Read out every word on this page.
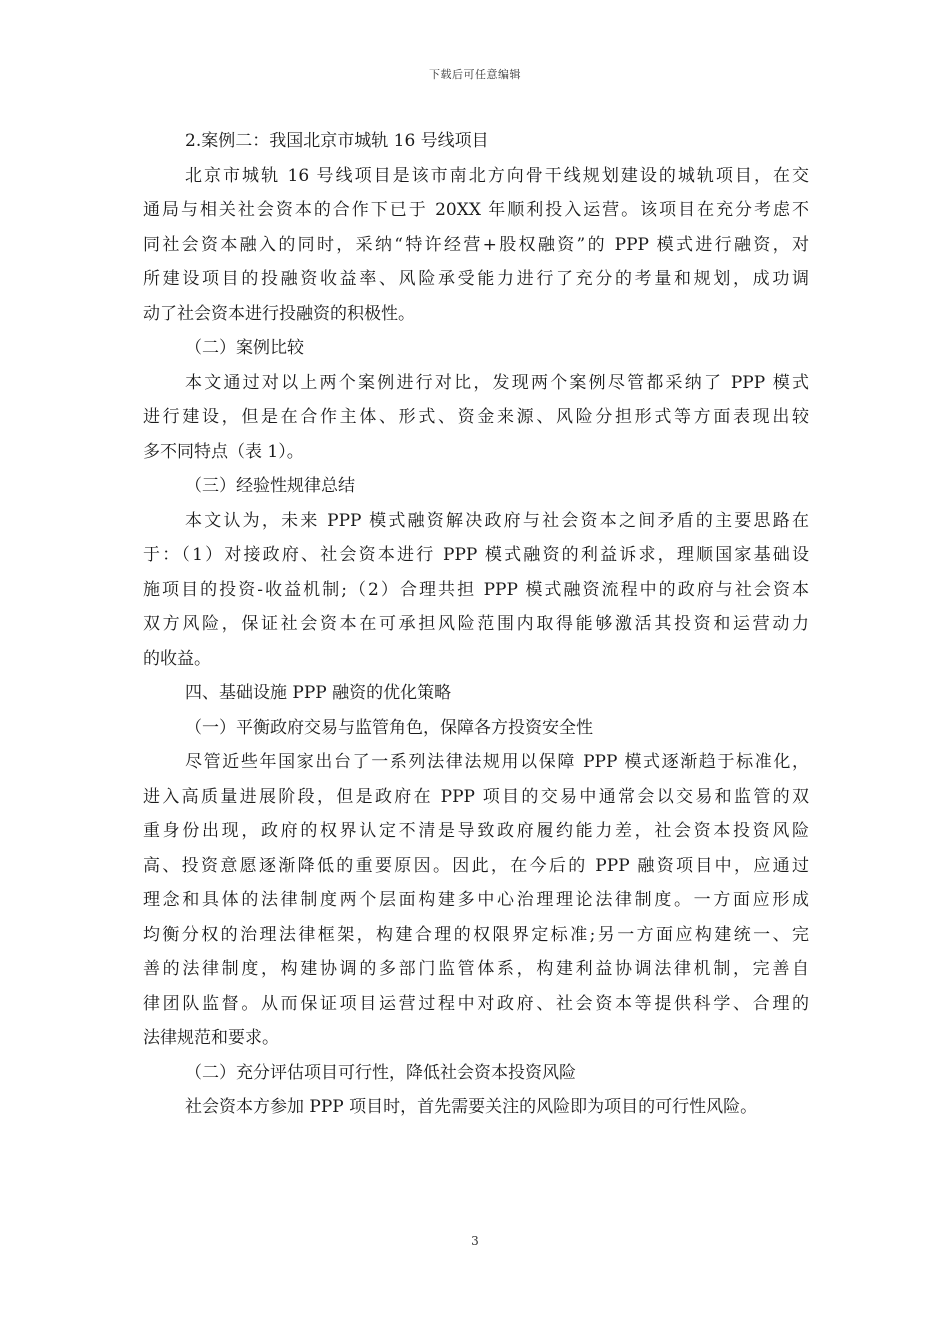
下载后可任意编辑
2.案例二：我国北京市城轨 16 号线项目
北京市城轨 16 号线项目是该市南北方向骨干线规划建设的城轨项目，在交
通局与相关社会资本的合作下已于 20XX 年顺利投入运营。该项目在充分考虑不
同社会资本融入的同时，采纳“特许经营+股权融资”的 PPP 模式进行融资，对
所建设项目的投融资收益率、风险承受能力进行了充分的考量和规划，成功调
动了社会资本进行投融资的积极性。
（二）案例比较
本文通过对以上两个案例进行对比，发现两个案例尽管都采纳了 PPP 模式
进行建设，但是在合作主体、形式、资金来源、风险分担形式等方面表现出较
多不同特点（表 1）。
（三）经验性规律总结
本文认为，未来 PPP 模式融资解决政府与社会资本之间矛盾的主要思路在
于：（1）对接政府、社会资本进行 PPP 模式融资的利益诉求，理顺国家基础设
施项目的投资-收益机制;（2）合理共担 PPP 模式融资流程中的政府与社会资本
双方风险，保证社会资本在可承担风险范围内取得能够激活其投资和运营动力
的收益。
四、基础设施 PPP 融资的优化策略
（一）平衡政府交易与监管角色，保障各方投资安全性
尽管近些年国家出台了一系列法律法规用以保障 PPP 模式逐渐趋于标准化，
进入高质量进展阶段，但是政府在 PPP 项目的交易中通常会以交易和监管的双
重身份出现，政府的权界认定不清是导致政府履约能力差，社会资本投资风险
高、投资意愿逐渐降低的重要原因。因此，在今后的 PPP 融资项目中，应通过
理念和具体的法律制度两个层面构建多中心治理理论法律制度。一方面应形成
均衡分权的治理法律框架，构建合理的权限界定标准;另一方面应构建统一、完
善的法律制度，构建协调的多部门监管体系，构建利益协调法律机制，完善自
律团队监督。从而保证项目运营过程中对政府、社会资本等提供科学、合理的
法律规范和要求。
（二）充分评估项目可行性，降低社会资本投资风险
社会资本方参加 PPP 项目时，首先需要关注的风险即为项目的可行性风险。
3
